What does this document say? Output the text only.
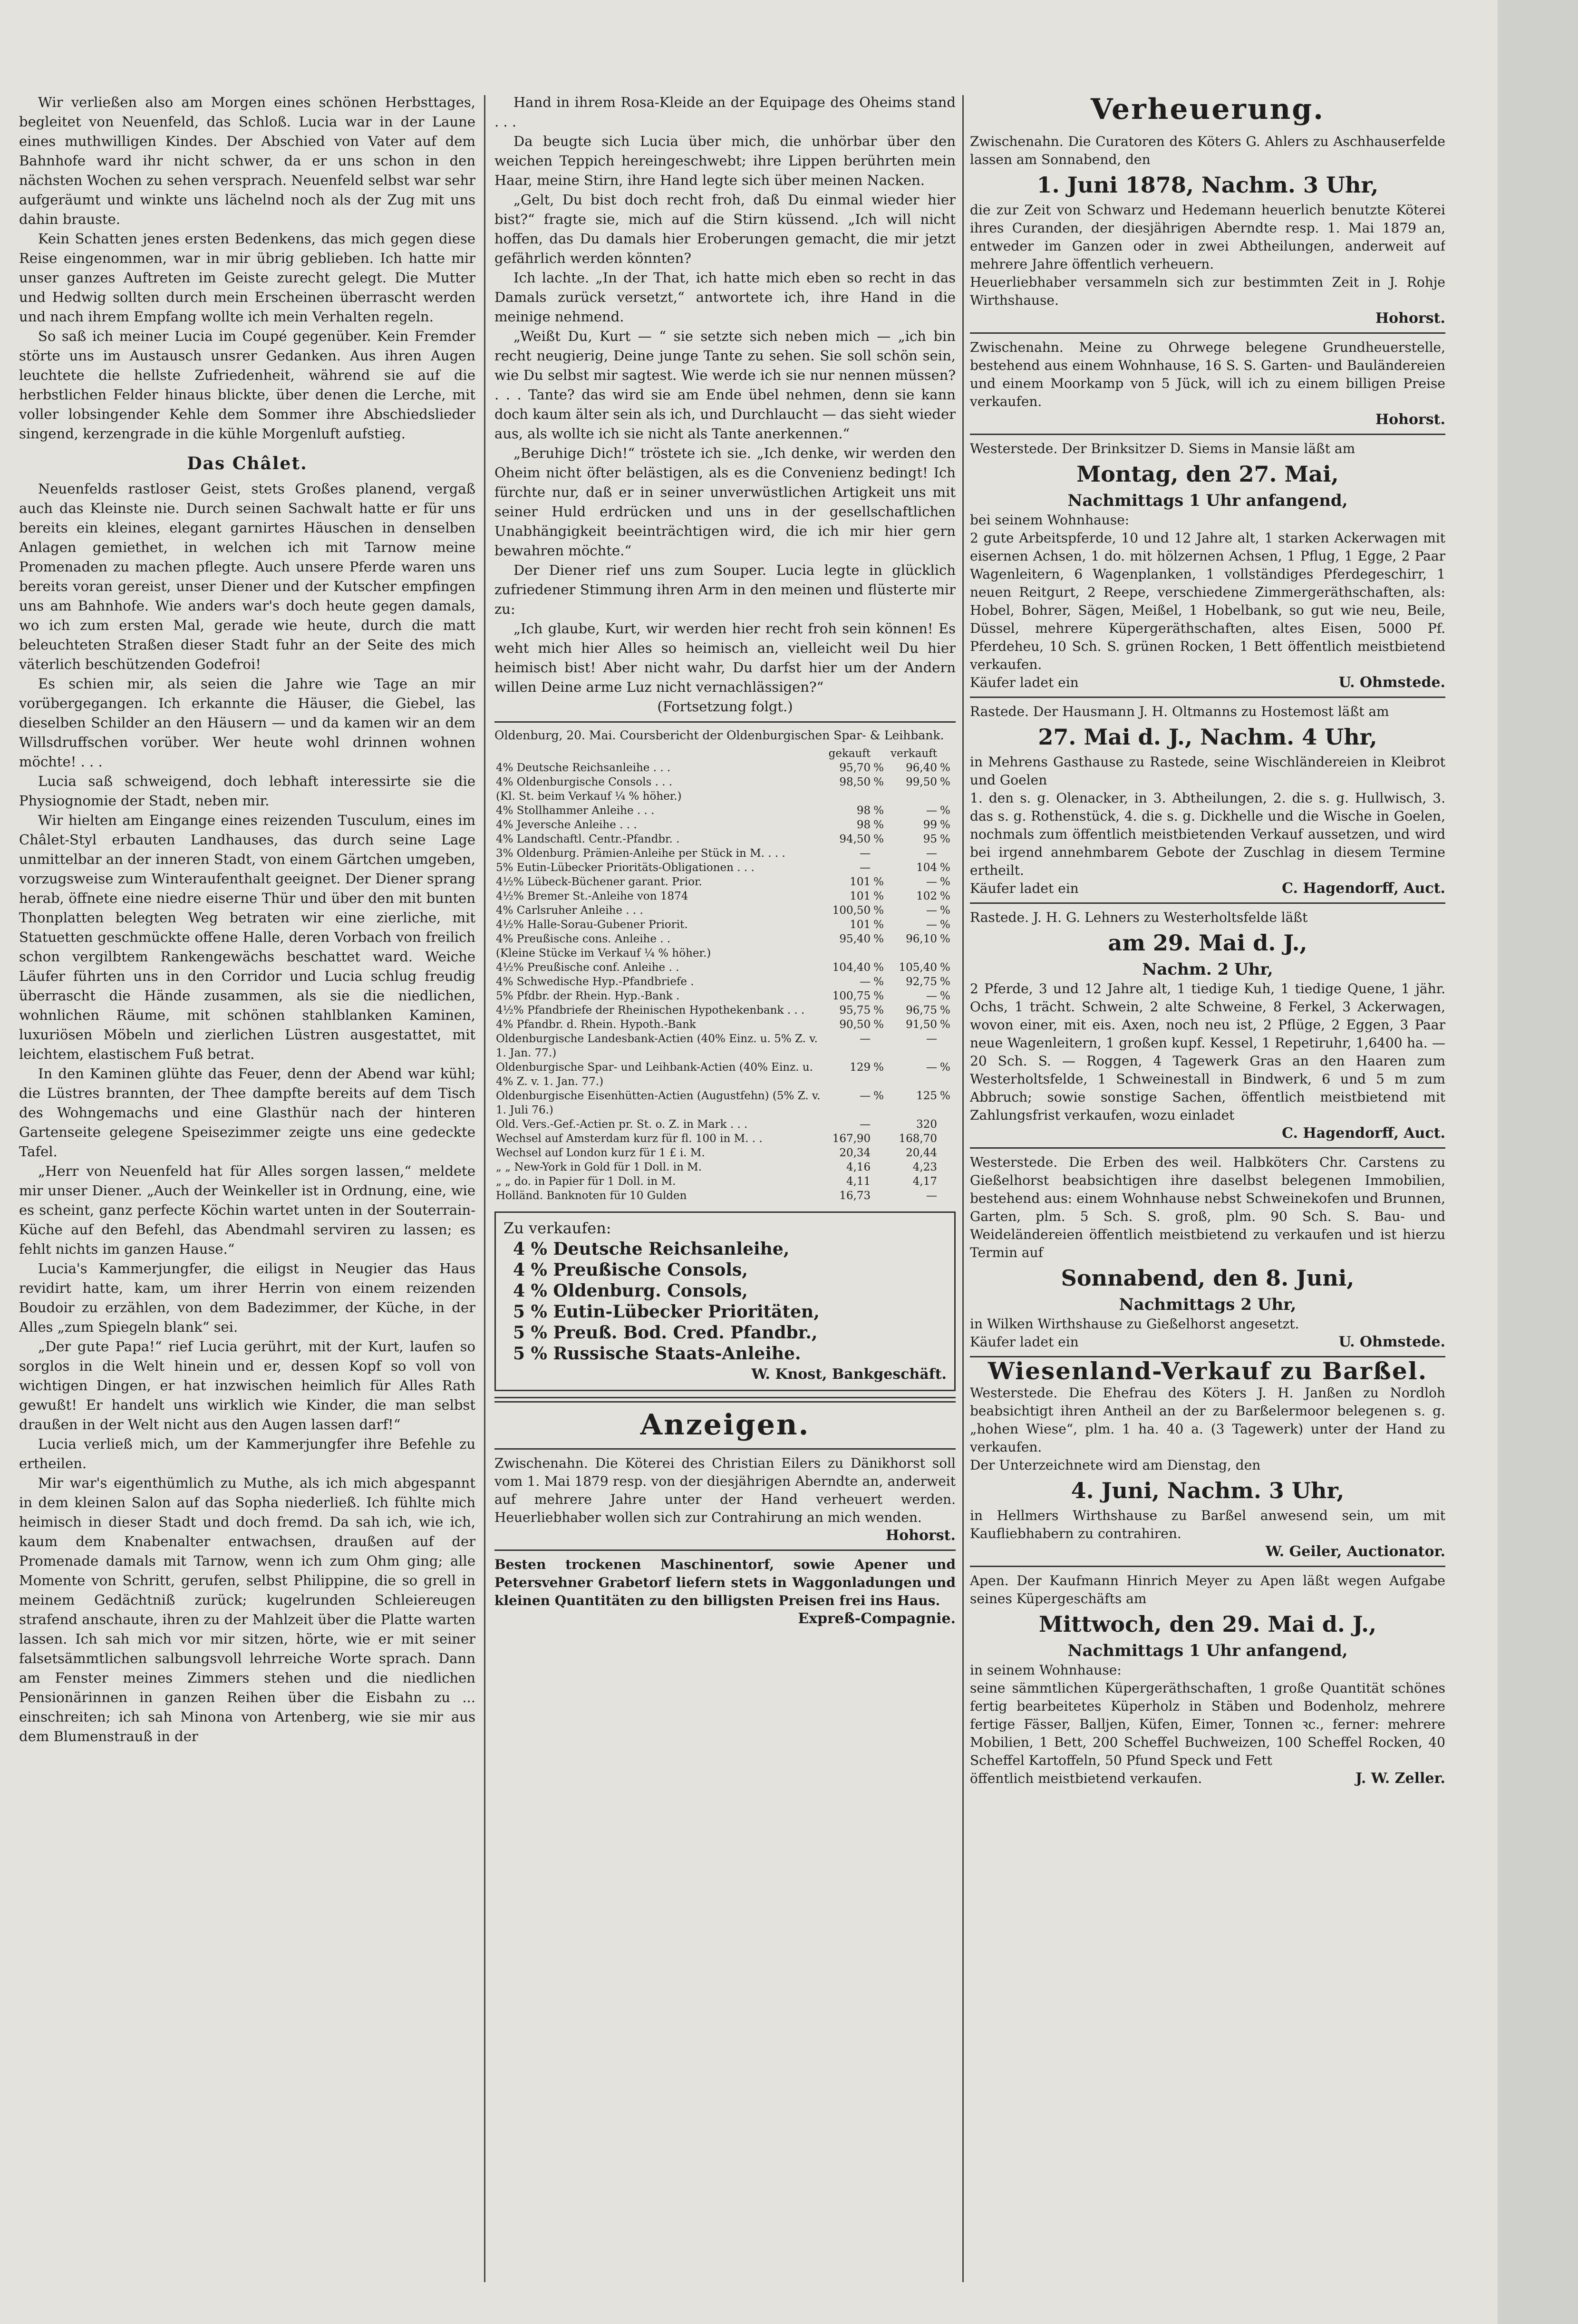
Wir verließen also am Morgen eines schönen Herbsttages, begleitet von Neuenfeld, das Schloß. Lucia war in der Laune eines muthwilligen Kindes. Der Abschied von Vater auf dem Bahnhofe ward ihr nicht schwer, da er uns schon in den nächsten Wochen zu sehen versprach. Neuenfeld selbst war sehr aufgeräumt und winkte uns lächelnd noch als der Zug mit uns dahin brauste.

Kein Schatten jenes ersten Bedenkens, das mich gegen diese Reise eingenommen, war in mir übrig geblieben. Ich hatte mir unser ganzes Auftreten im Geiste zurecht gelegt. Die Mutter und Hedwig sollten durch mein Erscheinen überrascht werden und nach ihrem Empfang wollte ich mein Verhalten regeln.

So saß ich meiner Lucia im Coupé gegenüber. Kein Fremder störte uns im Austausch unsrer Gedanken. Aus ihren Augen leuchtete die hellste Zufriedenheit, während sie auf die herbstlichen Felder hinaus blickte, über denen die Lerche, mit voller lobsingender Kehle dem Sommer ihre Abschiedslieder singend, kerzengrade in die kühle Morgenluft aufstieg.

Das Châlet.

Neuenfelds rastloser Geist, stets Großes planend, vergaß auch das Kleinste nie. Durch seinen Sachwalt hatte er für uns bereits ein kleines, elegant garnirtes Häuschen in denselben Anlagen gemiethet, in welchen ich mit Tarnow meine Promenaden zu machen pflegte. Auch unsere Pferde waren uns bereits voran gereist, unser Diener und der Kutscher empfingen uns am Bahnhofe. Wie anders war's doch heute gegen damals, wo ich zum ersten Mal, gerade wie heute, durch die matt beleuchteten Straßen dieser Stadt fuhr an der Seite des mich väterlich beschützenden Godefroi!

Es schien mir, als seien die Jahre wie Tage an mir vorübergegangen. Ich erkannte die Häuser, die Giebel, las dieselben Schilder an den Häusern — und da kamen wir an dem Willsdruffschen vorüber. Wer heute wohl drinnen wohnen möchte! . . .

Lucia saß schweigend, doch lebhaft interessirte sie die Physiognomie der Stadt, neben mir.

Wir hielten am Eingange eines reizenden Tusculum, eines im Châlet-Styl erbauten Landhauses, das durch seine Lage unmittelbar an der inneren Stadt, von einem Gärtchen umgeben, vorzugsweise zum Winteraufenthalt geeignet. Der Diener sprang herab, öffnete eine niedre eiserne Thür und über den mit bunten Thonplatten belegten Weg betraten wir eine zierliche, mit Statuetten geschmückte offene Halle, deren Vorbach von freilich schon vergilbtem Rankengewächs beschattet ward. Weiche Läufer führten uns in den Corridor und Lucia schlug freudig überrascht die Hände zusammen, als sie die niedlichen, wohnlichen Räume, mit schönen stahlblanken Kaminen, luxuriösen Möbeln und zierlichen Lüstren ausgestattet, mit leichtem, elastischem Fuß betrat.

In den Kaminen glühte das Feuer, denn der Abend war kühl; die Lüstres brannten, der Thee dampfte bereits auf dem Tisch des Wohngemachs und eine Glasthür nach der hinteren Gartenseite gelegene Speisezimmer zeigte uns eine gedeckte Tafel.

„Herr von Neuenfeld hat für Alles sorgen lassen,“ meldete mir unser Diener. „Auch der Weinkeller ist in Ordnung, eine, wie es scheint, ganz perfecte Köchin wartet unten in der Souterrain-Küche auf den Befehl, das Abendmahl serviren zu lassen; es fehlt nichts im ganzen Hause.“

Lucia's Kammerjungfer, die eiligst in Neugier das Haus revidirt hatte, kam, um ihrer Herrin von einem reizenden Boudoir zu erzählen, von dem Badezimmer, der Küche, in der Alles „zum Spiegeln blank“ sei.

„Der gute Papa!“ rief Lucia gerührt, mit der Kurt, laufen so sorglos in die Welt hinein und er, dessen Kopf so voll von wichtigen Dingen, er hat inzwischen heimlich für Alles Rath gewußt! Er handelt uns wirklich wie Kinder, die man selbst draußen in der Welt nicht aus den Augen lassen darf!“

Lucia verließ mich, um der Kammerjungfer ihre Befehle zu ertheilen.

Mir war's eigenthümlich zu Muthe, als ich mich abgespannt in dem kleinen Salon auf das Sopha niederließ. Ich fühlte mich heimisch in dieser Stadt und doch fremd. Da sah ich, wie ich, kaum dem Knabenalter entwachsen, draußen auf der Promenade damals mit Tarnow, wenn ich zum Ohm ging; alle Momente von Schritt, gerufen, selbst Philippine, die so grell in meinem Gedächtniß zurück; kugelrunden Schleiereugen strafend anschaute, ihren zu der Mahlzeit über die Platte warten lassen. Ich sah mich vor mir sitzen, hörte, wie er mit seiner falsetsämmtlichen salbungsvoll lehrreiche Worte sprach. Dann am Fenster meines Zimmers stehen und die niedlichen Pensionärinnen in ganzen Reihen über die Eisbahn zu ... einschreiten; ich sah Minona von Artenberg, wie sie mir aus dem Blumenstrauß in der

Hand in ihrem Rosa-Kleide an der Equipage des Oheims stand . . .

Da beugte sich Lucia über mich, die unhörbar über den weichen Teppich hereingeschwebt; ihre Lippen berührten mein Haar, meine Stirn, ihre Hand legte sich über meinen Nacken.

„Gelt, Du bist doch recht froh, daß Du einmal wieder hier bist?“ fragte sie, mich auf die Stirn küssend. „Ich will nicht hoffen, das Du damals hier Eroberungen gemacht, die mir jetzt gefährlich werden könnten?

Ich lachte. „In der That, ich hatte mich eben so recht in das Damals zurück versetzt,“ antwortete ich, ihre Hand in die meinige nehmend.

„Weißt Du, Kurt — “ sie setzte sich neben mich — „ich bin recht neugierig, Deine junge Tante zu sehen. Sie soll schön sein, wie Du selbst mir sagtest. Wie werde ich sie nur nennen müssen? . . . Tante? das wird sie am Ende übel nehmen, denn sie kann doch kaum älter sein als ich, und Durchlaucht — das sieht wieder aus, als wollte ich sie nicht als Tante anerkennen.“

„Beruhige Dich!“ tröstete ich sie. „Ich denke, wir werden den Oheim nicht öfter belästigen, als es die Convenienz bedingt! Ich fürchte nur, daß er in seiner unverwüstlichen Artigkeit uns mit seiner Huld erdrücken und uns in der gesellschaftlichen Unabhängigkeit beeinträchtigen wird, die ich mir hier gern bewahren möchte.“

Der Diener rief uns zum Souper. Lucia legte in glücklich zufriedener Stimmung ihren Arm in den meinen und flüsterte mir zu:

„Ich glaube, Kurt, wir werden hier recht froh sein können! Es weht mich hier Alles so heimisch an, vielleicht weil Du hier heimisch bist! Aber nicht wahr, Du darfst hier um der Andern willen Deine arme Luz nicht vernachlässigen?“

(Fortsetzung folgt.)
Oldenburg, 20. Mai. Coursbericht der Oldenburgischen Spar- & Leihbank.
	gekauft		verkauft	
4% Deutsche Reichsanleihe . . .	95,70	%	96,40	%
4% Oldenburgische Consols . . .	98,50	%	99,50	%
(Kl. St. beim Verkauf ¼ % höher.)				
4% Stollhammer Anleihe . . .	98	%	—	%
4% Jeversche Anleihe . . .	98	%	99	%
4% Landschaftl. Centr.-Pfandbr. .	94,50	%	95	%
3% Oldenburg. Prämien-Anleihe per Stück in M. . . .	—		—	
5% Eutin-Lübecker Prioritäts-Obligationen . . .	—		104	%
4½% Lübeck-Büchener garant. Prior.	101	%	—	%
4½% Bremer St.-Anleihe von 1874	101	%	102	%
4% Carlsruher Anleihe . . .	100,50	%	—	%
4½% Halle-Sorau-Gubener Priorit.	101	%	—	%
4% Preußische cons. Anleihe . .	95,40	%	96,10	%
(Kleine Stücke im Verkauf ¼ % höher.)				
4½% Preußische conf. Anleihe . .	104,40	%	105,40	%
4% Schwedische Hyp.-Pfandbriefe .	—	%	92,75	%
5% Pfdbr. der Rhein. Hyp.-Bank .	100,75	%	—	%
4½% Pfandbriefe der Rheinischen Hypothekenbank . . .	95,75	%	96,75	%
4% Pfandbr. d. Rhein. Hypoth.-Bank	90,50	%	91,50	%
Oldenburgische Landesbank-Actien (40% Einz. u. 5% Z. v. 1. Jan. 77.)	—		—	
Oldenburgische Spar- und Leihbank-Actien (40% Einz. u. 4% Z. v. 1. Jan. 77.)	129	%	—	%
Oldenburgische Eisenhütten-Actien (Augustfehn) (5% Z. v. 1. Juli 76.)	—	%	125	%
Old. Vers.-Gef.-Actien pr. St. o. Z. in Mark . . .	—		320	
Wechsel auf Amsterdam kurz für fl. 100 in M. . .	167,90		168,70	
Wechsel auf London kurz für 1 £ i. M.	20,34		20,44	
„ „ New-York in Gold für 1 Doll. in M.	4,16		4,23	
„ „ do. in Papier für 1 Doll. in M.	4,11		4,17	
Holländ. Banknoten für 10 Gulden	16,73		—	
Zu verkaufen:
4 % Deutsche Reichsanleihe,
4 % Preußische Consols,
4 % Oldenburg. Consols,
5 % Eutin-Lübecker Prioritäten,
5 % Preuß. Bod. Cred. Pfandbr.,
5 % Russische Staats-Anleihe.
W. Knost, Bankgeschäft.
Anzeigen.
Zwischenahn. Die Köterei des Christian Eilers zu Dänikhorst soll vom 1. Mai 1879 resp. von der diesjährigen Aberndte an, anderweit auf mehrere Jahre unter der Hand verheuert werden. Heuerliebhaber wollen sich zur Contrahirung an mich wenden.
Hohorst.
Besten trockenen Maschinentorf, sowie Apener und Petersvehner Grabetorf liefern stets in Waggonladungen und kleinen Quantitäten zu den billigsten Preisen frei ins Haus.
Expreß-Compagnie.
Verheuerung.
Zwischenahn. Die Curatoren des Köters G. Ahlers zu Aschhauserfelde lassen am Sonnabend, den
1. Juni 1878, Nachm. 3 Uhr,
die zur Zeit von Schwarz und Hedemann heuerlich benutzte Köterei ihres Curanden, der diesjährigen Aberndte resp. 1. Mai 1879 an, entweder im Ganzen oder in zwei Abtheilungen, anderweit auf mehrere Jahre öffentlich verheuern.
Heuerliebhaber versammeln sich zur bestimmten Zeit in J. Rohje Wirthshause.
Hohorst.
Zwischenahn. Meine zu Ohrwege belegene Grundheuerstelle, bestehend aus einem Wohnhause, 16 S. S. Garten- und Bauländereien und einem Moorkamp von 5 Jück, will ich zu einem billigen Preise verkaufen.
Hohorst.
Westerstede. Der Brinksitzer D. Siems in Mansie läßt am
Montag, den 27. Mai,
Nachmittags 1 Uhr anfangend,
bei seinem Wohnhause:
2 gute Arbeitspferde, 10 und 12 Jahre alt, 1 starken Ackerwagen mit eisernen Achsen, 1 do. mit hölzernen Achsen, 1 Pflug, 1 Egge, 2 Paar Wagenleitern, 6 Wagenplanken, 1 vollständiges Pferdegeschirr, 1 neuen Reitgurt, 2 Reepe, verschiedene Zimmergeräthschaften, als: Hobel, Bohrer, Sägen, Meißel, 1 Hobelbank, so gut wie neu, Beile, Düssel, mehrere Küpergeräthschaften, altes Eisen, 5000 Pf. Pferdeheu, 10 Sch. S. grünen Rocken, 1 Bett öffentlich meistbietend verkaufen.
Käufer ladet ein	U. Ohmstede.
Rastede. Der Hausmann J. H. Oltmanns zu Hostemost läßt am
27. Mai d. J., Nachm. 4 Uhr,
in Mehrens Gasthause zu Rastede, seine Wischländereien in Kleibrot und Goelen
1. den s. g. Olenacker, in 3. Abtheilungen, 2. die s. g. Hullwisch, 3. das s. g. Rothenstück, 4. die s. g. Dickhelle und die Wische in Goelen, nochmals zum öffentlich meistbietenden Verkauf aussetzen, und wird bei irgend annehmbarem Gebote der Zuschlag in diesem Termine ertheilt.
Käufer ladet ein	C. Hagendorff, Auct.
Rastede. J. H. G. Lehners zu Westerholtsfelde läßt
am 29. Mai d. J.,
Nachm. 2 Uhr,
2 Pferde, 3 und 12 Jahre alt, 1 tiedige Kuh, 1 tiedige Quene, 1 jähr. Ochs, 1 trächt. Schwein, 2 alte Schweine, 8 Ferkel, 3 Ackerwagen, wovon einer, mit eis. Axen, noch neu ist, 2 Pflüge, 2 Eggen, 3 Paar neue Wagenleitern, 1 großen kupf. Kessel, 1 Repetiruhr, 1,6400 ha. — 20 Sch. S. — Roggen, 4 Tagewerk Gras an den Haaren zum Westerholtsfelde, 1 Schweinestall in Bindwerk, 6 und 5 m zum Abbruch; sowie sonstige Sachen, öffentlich meistbietend mit Zahlungsfrist verkaufen, wozu einladet
C. Hagendorff, Auct.
Westerstede. Die Erben des weil. Halbköters Chr. Carstens zu Gießelhorst beabsichtigen ihre daselbst belegenen Immobilien, bestehend aus: einem Wohnhause nebst Schweinekofen und Brunnen, Garten, plm. 5 Sch. S. groß, plm. 90 Sch. S. Bau- und Weideländereien öffentlich meistbietend zu verkaufen und ist hierzu Termin auf
Sonnabend, den 8. Juni,
Nachmittags 2 Uhr,
in Wilken Wirthshause zu Gießelhorst angesetzt.
Käufer ladet ein	U. Ohmstede.
Wiesenland-Verkauf zu Barßel.
Westerstede. Die Ehefrau des Köters J. H. Janßen zu Nordloh beabsichtigt ihren Antheil an der zu Barßelermoor belegenen s. g. „hohen Wiese“, plm. 1 ha. 40 a. (3 Tagewerk) unter der Hand zu verkaufen.
Der Unterzeichnete wird am Dienstag, den
4. Juni, Nachm. 3 Uhr,
in Hellmers Wirthshause zu Barßel anwesend sein, um mit Kaufliebhabern zu contrahiren.
W. Geiler, Auctionator.
Apen. Der Kaufmann Hinrich Meyer zu Apen läßt wegen Aufgabe seines Küpergeschäfts am
Mittwoch, den 29. Mai d. J.,
Nachmittags 1 Uhr anfangend,
in seinem Wohnhause:
seine sämmtlichen Küpergeräthschaften, 1 große Quantität schönes fertig bearbeitetes Küperholz in Stäben und Bodenholz, mehrere fertige Fässer, Balljen, Küfen, Eimer, Tonnen ꝛc., ferner: mehrere Mobilien, 1 Bett, 200 Scheffel Buchweizen, 100 Scheffel Rocken, 40 Scheffel Kartoffeln, 50 Pfund Speck und Fett
öffentlich meistbietend verkaufen.	J. W. Zeller.
